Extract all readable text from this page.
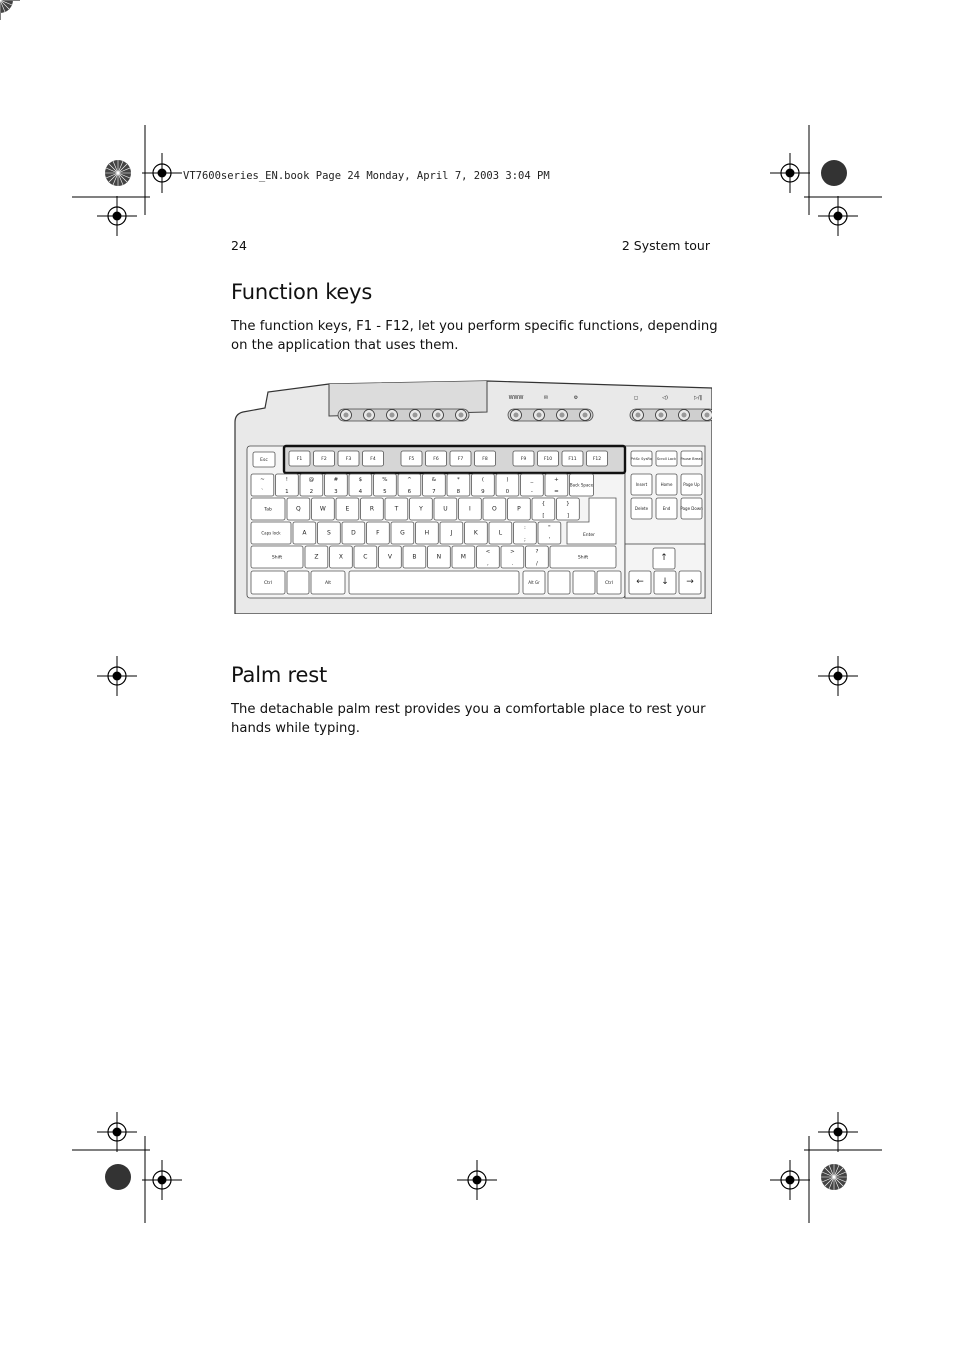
VT7600series_EN.book Page 24 Monday, April 7, 2003 3:04 PM
24	2 System tour
Function keys

The function keys, F1 - F12, let you perform specific functions, depending on the application that uses them.

WWW	✉	⚙	◻	◁)	▷/‖
Esc	F1	F2	F3	F4	F5	F6	F7	F8	F9	F10	F11	F12	PrtSc SysRq Scroll Lock Pause Break
~
`
!
1
@
2
#
3
$
4
%
5
^
6
&
7
*
8
(
9
)
0
_
-
+
=
Back Space
Tab	Q	W	E	R	T	Y	U	I	O	P
{
[
}
]
Enter
Caps lock	A	S	D	F	G	H	J	K	L
:
;
"
'
Shift	Z	X	C	V	B	N	M
<
,
>
.
?
/
Shift
Ctrl	Alt	Alt Gr	Ctrl
Insert	Home	Page Up
Delete	End	Page Down
↑
← ↓ →
Palm rest

The detachable palm rest provides you a comfortable place to rest your hands while typing.
